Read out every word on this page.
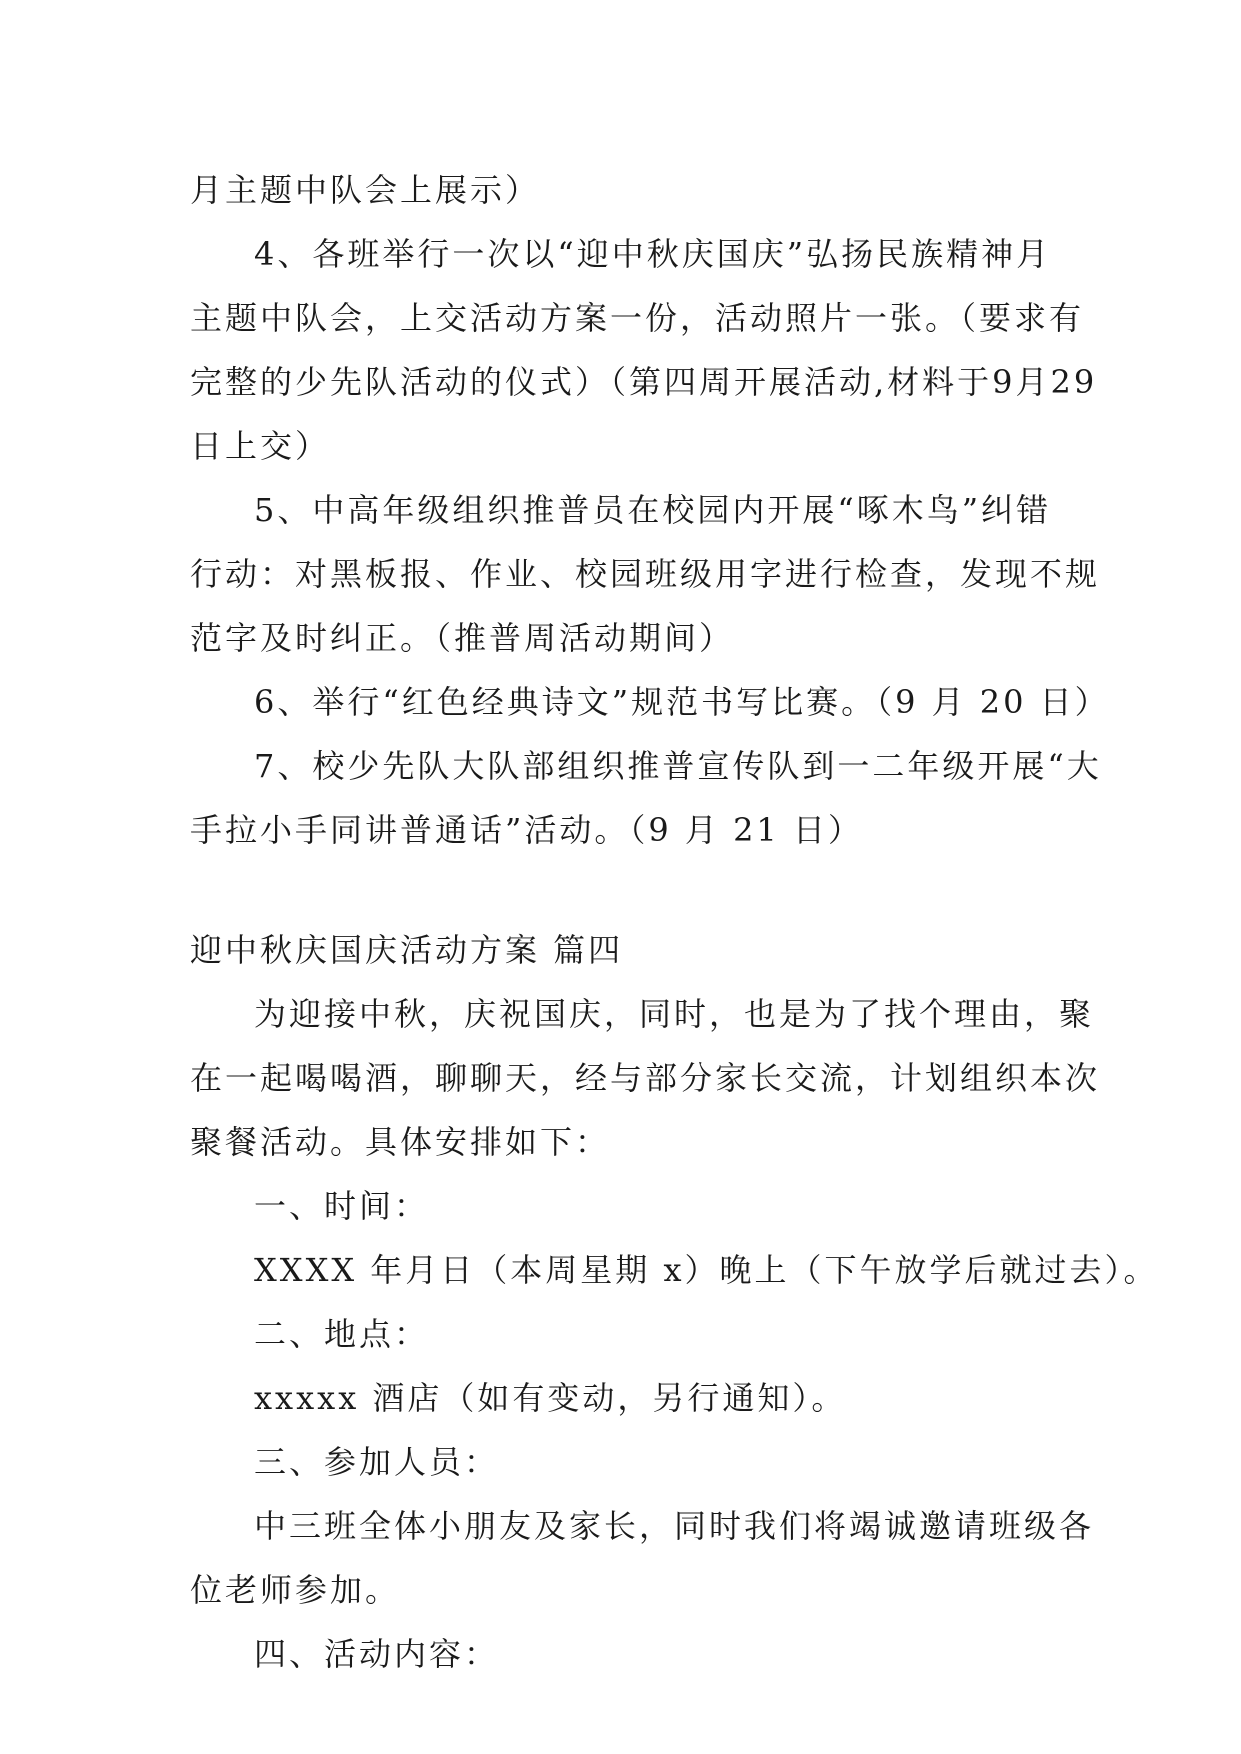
月主题中队会上展示）
4、各班举行一次以“迎中秋庆国庆”弘扬民族精神月
主题中队会，上交活动方案一份，活动照片一张。（要求有
完整的少先队活动的仪式）（第四周开展活动,材料于9月29
日上交）
5、中高年级组织推普员在校园内开展“啄木鸟”纠错
行动：对黑板报、作业、校园班级用字进行检查，发现不规
范字及时纠正。（推普周活动期间）
6、举行“红色经典诗文”规范书写比赛。（9 月 20 日）
7、校少先队大队部组织推普宣传队到一二年级开展“大
手拉小手同讲普通话”活动。（9 月 21 日）
迎中秋庆国庆活动方案 篇四
为迎接中秋，庆祝国庆，同时，也是为了找个理由，聚
在一起喝喝酒，聊聊天，经与部分家长交流，计划组织本次
聚餐活动。具体安排如下：
一、时间：
XXXX 年月日（本周星期 x）晚上（下午放学后就过去）。
二、地点：
xxxxx 酒店（如有变动，另行通知）。
三、参加人员：
中三班全体小朋友及家长，同时我们将竭诚邀请班级各
位老师参加。
四、活动内容：
